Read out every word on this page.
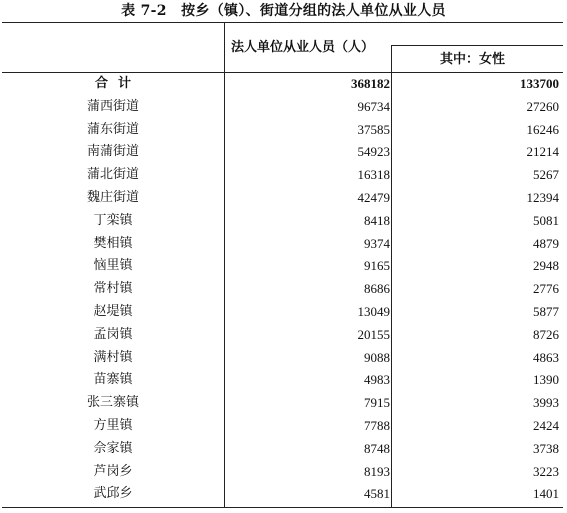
表 7-2　按乡（镇）、街道分组的法人单位从业人员
法人单位从业人员（人）
其中：女性
合计	368182	133700
蒲西街道	96734	27260
蒲东街道	37585	16246
南蒲街道	54923	21214
蒲北街道	16318	5267
魏庄街道	42479	12394
丁栾镇	8418	5081
樊相镇	9374	4879
恼里镇	9165	2948
常村镇	8686	2776
赵堤镇	13049	5877
孟岗镇	20155	8726
满村镇	9088	4863
苗寨镇	4983	1390
张三寨镇	7915	3993
方里镇	7788	2424
佘家镇	8748	3738
芦岗乡	8193	3223
武邱乡	4581	1401
